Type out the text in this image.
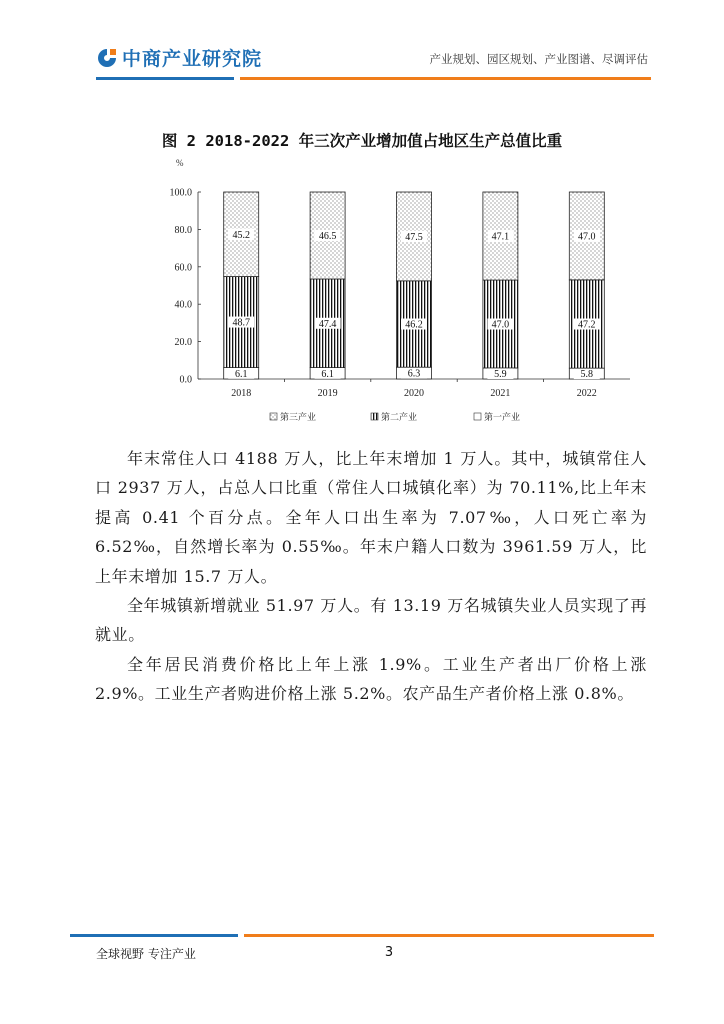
中商产业研究院	产业规划、园区规划、产业图谱、尽调评估
图 2 2018-2022 年三次产业增加值占地区生产总值比重
%
0.0
20.0
40.0
60.0
80.0
100.0
6.1
48.7
45.2
2018
6.1
47.4
46.5
2019
6.3
46.2
47.5
2020
5.9
47.0
47.1
2021
5.8
47.2
47.0
2022
第三产业	第二产业	第一产业

年末常住人口 4188 万人，比上年末增加 1 万人。其中，城镇常住人口 2937 万人，占总人口比重（常住人口城镇化率）为 70.11%,比上年末提高 0.41 个百分点。全年人口出生率为 7.07‰，人口死亡率为 6.52‰，自然增长率为 0.55‰。年末户籍人口数为 3961.59 万人，比上年末增加 15.7 万人。

全年城镇新增就业 51.97 万人。有 13.19 万名城镇失业人员实现了再就业。

全年居民消费价格比上年上涨 1.9%。工业生产者出厂价格上涨 2.9%。工业生产者购进价格上涨 5.2%。农产品生产者价格上涨 0.8%。

全球视野 专注产业	3
